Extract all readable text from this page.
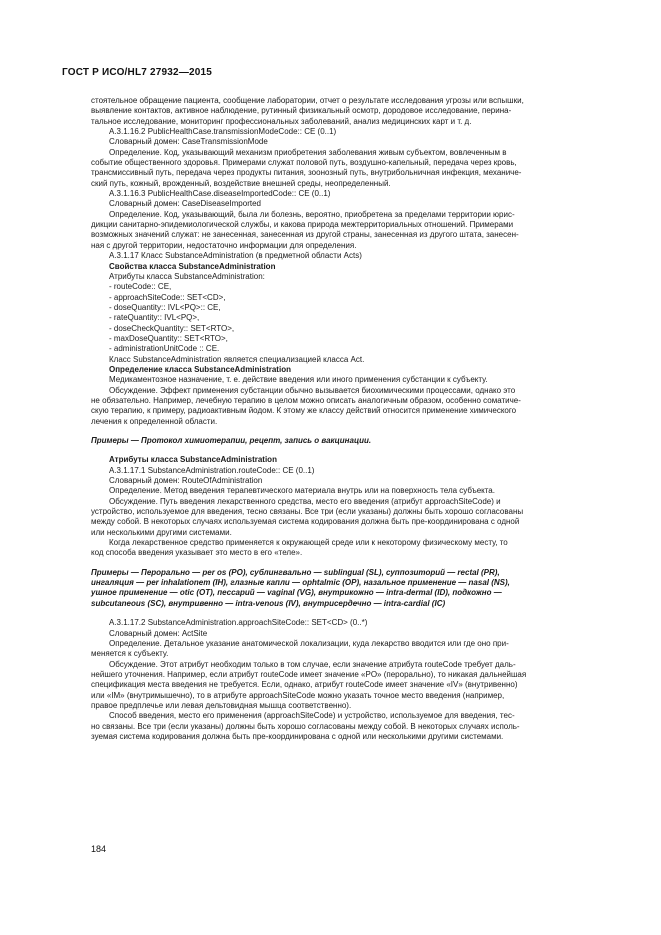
ГОСТ Р ИСО/HL7 27932—2015

стоятельное обращение пациента, сообщение лаборатории, отчет о результате исследования угрозы или вспышки,

выявление контактов, активное наблюдение, рутинный физикальный осмотр, дородовое исследование, перина-

тальное исследование, мониторинг профессиональных заболеваний, анализ медицинских карт и т. д.

А.3.1.16.2 PublicHealthCase.transmissionModeCode:: CE (0..1)

Словарный домен: CaseTransmissionMode

Определение. Код, указывающий механизм приобретения заболевания живым субъектом, вовлеченным в

событие общественного здоровья. Примерами служат половой путь, воздушно-капельный, передача через кровь,

трансмиссивный путь, передача через продукты питания, зоонозный путь, внутрибольничная инфекция, механиче-

ский путь, кожный, врожденный, воздействие внешней среды, неопределенный.

А.3.1.16.3 PublicHealthCase.diseaseImportedCode:: CE (0..1)

Словарный домен: CaseDiseaseImported

Определение. Код, указывающий, была ли болезнь, вероятно, приобретена за пределами территории юрис-

дикции санитарно-эпидемиологической службы, и какова природа межтерриториальных отношений. Примерами

возможных значений служат: не занесенная, занесенная из другой страны, занесенная из другого штата, занесен-

ная с другой территории, недостаточно информации для определения.

А.3.1.17 Класс SubstanceAdministration (в предметной области Acts)

Свойства класса SubstanceAdministration

Атрибуты класса SubstanceAdministration:

- routeCode:: CE,

- approachSiteCode:: SET<CD>,

- doseQuantity:: IVL<PQ>:: CE,

- rateQuantity:: IVL<PQ>,

- doseCheckQuantity:: SET<RTO>,

- maxDoseQuantity:: SET<RTO>,

- administrationUnitCode :: CE.

Класс SubstanceAdministration является специализацией класса Act.

Определение класса SubstanceAdministration

Медикаментозное назначение, т. е. действие введения или иного применения субстанции к субъекту.

Обсуждение. Эффект применения субстанции обычно вызывается биохимическими процессами, однако это

не обязательно. Например, лечебную терапию в целом можно описать аналогичным образом, особенно соматиче-

скую терапию, к примеру, радиоактивным йодом. К этому же классу действий относится применение химического

лечения к определенной области.

Примеры — Протокол химиотерапии, рецепт, запись о вакцинации.

Атрибуты класса SubstanceAdministration

А.3.1.17.1 SubstanceAdministration.routeCode:: CE (0..1)

Словарный домен: RouteOfAdministration

Определение. Метод введения терапевтического материала внутрь или на поверхность тела субъекта.

Обсуждение. Путь введения лекарственного средства, место его введения (атрибут approachSiteCode) и

устройство, используемое для введения, тесно связаны. Все три (если указаны) должны быть хорошо согласованы

между собой. В некоторых случаях используемая система кодирования должна быть пре-координирована с одной

или несколькими другими системами.

Когда лекарственное средство применяется к окружающей среде или к некоторому физическому месту, то

код способа введения указывает это место в его «теле».

Примеры — Перорально — per os (PO), сублингвально — sublingual (SL), суппозиторий — rectal (PR),

ингаляция — per inhalationem (IH), глазные капли — ophtalmic (OP), назальное применение — nasal (NS),

ушное применение — otic (OT), пессарий — vaginal (VG), внутрикожно — intra-dermal (ID), подкожно —

subcutaneous (SC), внутривенно — intra-venous (IV), внутрисердечно — intra-cardial (IC)

А.3.1.17.2 SubstanceAdministration.approachSiteCode:: SET<CD> (0..*)

Словарный домен: ActSite

Определение. Детальное указание анатомической локализации, куда лекарство вводится или где оно при-

меняется к субъекту.

Обсуждение. Этот атрибут необходим только в том случае, если значение атрибута routeCode требует даль-

нейшего уточнения. Например, если атрибут routeCode имеет значение «PO» (перорально), то никакая дальнейшая

спецификация места введения не требуется. Если, однако, атрибут routeCode имеет значение «IV» (внутривенно)

или «IM» (внутримышечно), то в атрибуте approachSiteCode можно указать точное место введения (например,

правое предплечье или левая дельтовидная мышца соответственно).

Способ введения, место его применения (approachSiteCode) и устройство, используемое для введения, тес-

но связаны. Все три (если указаны) должны быть хорошо согласованы между собой. В некоторых случаях исполь-

зуемая система кодирования должна быть пре-координирована с одной или несколькими другими системами.

184
